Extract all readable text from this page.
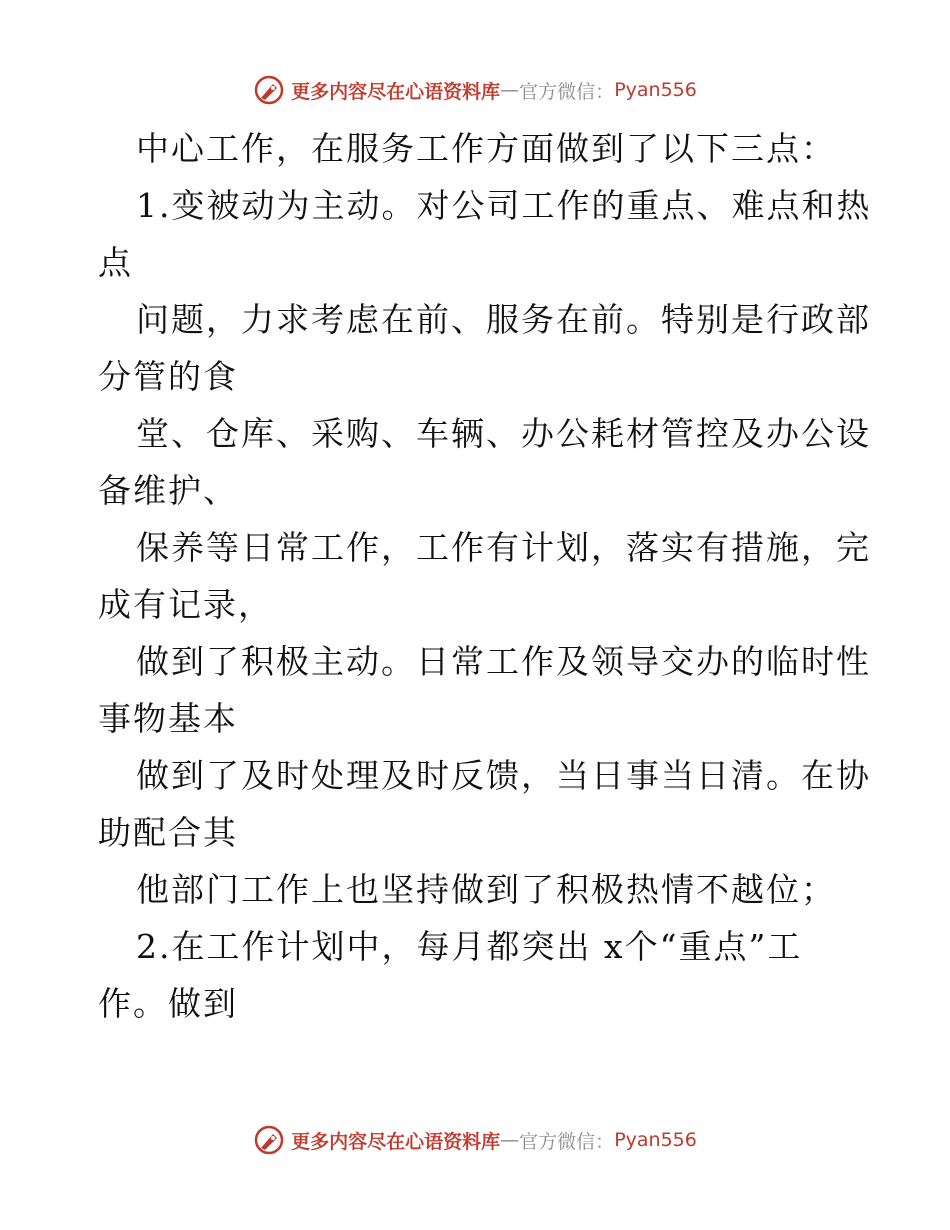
更多内容尽在心语资料库 — 官方微信： Pyan556
中心工作，在服务工作方面做到了以下三点：
1.变被动为主动。对公司工作的重点、难点和热
点
问题，力求考虑在前、服务在前。特别是行政部
分管的食
堂、仓库、采购、车辆、办公耗材管控及办公设
备维护、
保养等日常工作，工作有计划，落实有措施，完
成有记录，
做到了积极主动。日常工作及领导交办的临时性
事物基本
做到了及时处理及时反馈，当日事当日清。在协
助配合其
他部门工作上也坚持做到了积极热情不越位；
2.在工作计划中，每月都突出 x个“重点”工
作。做到
更多内容尽在心语资料库 — 官方微信： Pyan556
